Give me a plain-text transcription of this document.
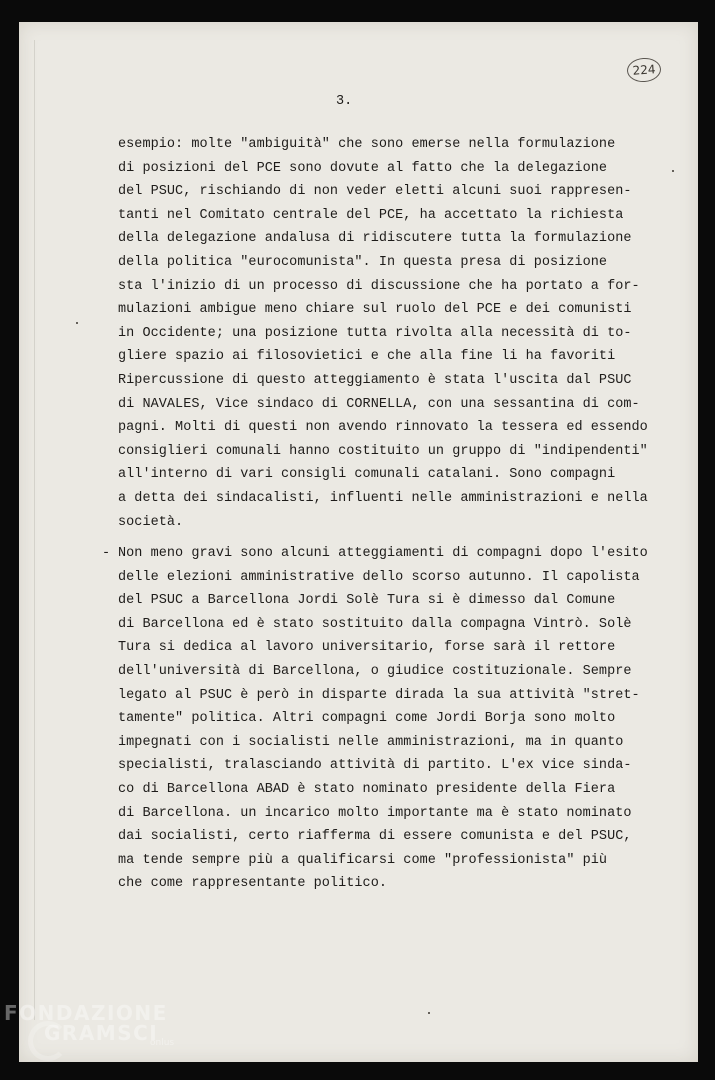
224
3.
esempio: molte "ambiguità" che sono emerse nella formulazione
di posizioni del PCE sono dovute al fatto che la delegazione
del PSUC, rischiando di non veder eletti alcuni suoi rappresen-
tanti nel Comitato centrale del PCE, ha accettato la richiesta
della delegazione andalusa di ridiscutere tutta la formulazione
della politica "eurocomunista". In questa presa di posizione
sta l'inizio di un processo di discussione che ha portato a for-
mulazioni ambigue meno chiare sul ruolo del PCE e dei comunisti
in Occidente; una posizione tutta rivolta alla necessità di to-
gliere spazio ai filosovietici e che alla fine li ha favoriti
Ripercussione di questo atteggiamento è stata l'uscita dal PSUC
di NAVALES, Vice sindaco di CORNELLA, con una sessantina di com-
pagni. Molti di questi non avendo rinnovato la tessera ed essendo
consiglieri comunali hanno costituito un gruppo di "indipendenti"
all'interno di vari consigli comunali catalani. Sono compagni
a detta dei sindacalisti, influenti nelle amministrazioni e nella
società.
- Non meno gravi sono alcuni atteggiamenti di compagni dopo l'esito
delle elezioni amministrative dello scorso autunno. Il capolista
del PSUC a Barcellona Jordi Solè Tura si è dimesso dal Comune
di Barcellona ed è stato sostituito dalla compagna Vintrò. Solè
Tura si dedica al lavoro universitario, forse sarà il rettore
dell'università di Barcellona, o giudice costituzionale. Sempre
legato al PSUC è però in disparte dirada la sua attività "stret-
tamente" politica. Altri compagni come Jordi Borja sono molto
impegnati con i socialisti nelle amministrazioni, ma in quanto
specialisti, tralasciando attività di partito. L'ex vice sinda-
co di Barcellona ABAD è stato nominato presidente della Fiera
di Barcellona. un incarico molto importante ma è stato nominato
dai socialisti, certo riafferma di essere comunista e del PSUC,
ma tende sempre più a qualificarsi come "professionista" più
che come rappresentante politico.
FONDAZIONE
GRAMSCI
onlus
